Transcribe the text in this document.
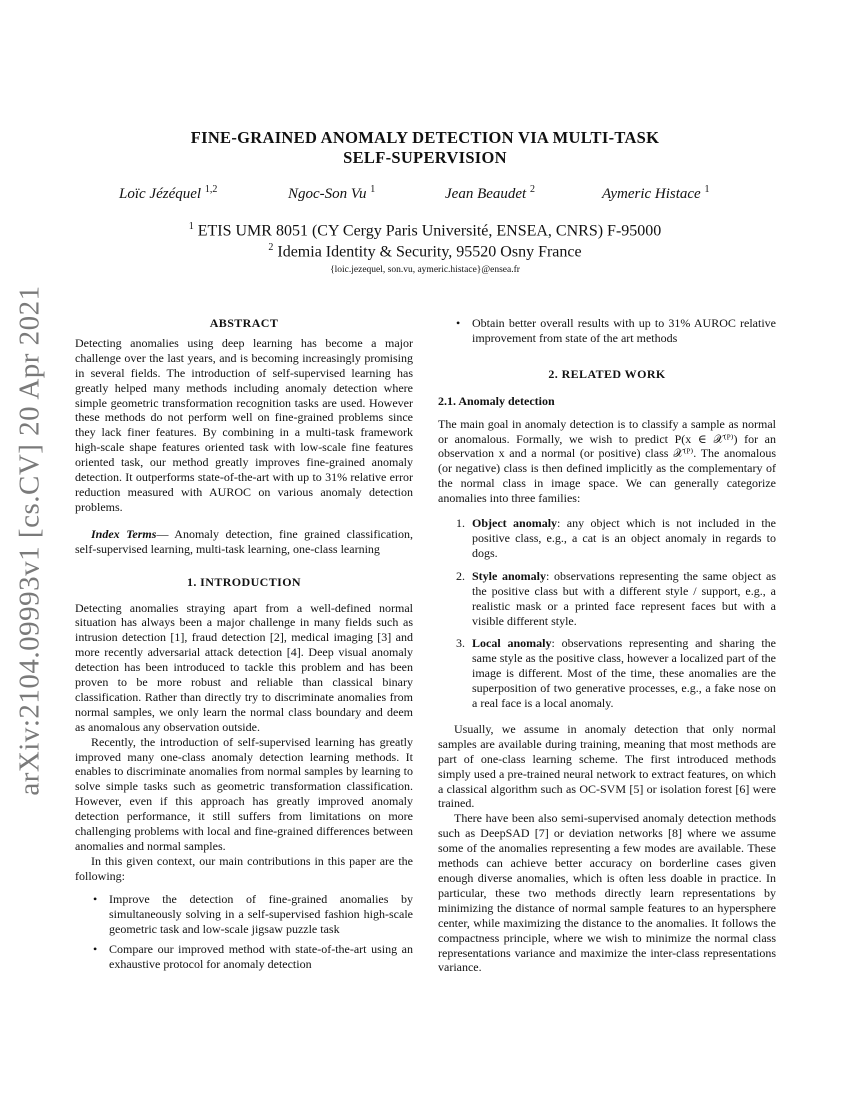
arXiv:2104.09993v1 [cs.CV] 20 Apr 2021
FINE-GRAINED ANOMALY DETECTION VIA MULTI-TASK
SELF-SUPERVISION
Loïc Jézéquel $^{1,2}$	Ngoc-Son Vu $^1$	Jean Beaudet $^2$	Aymeric Histace $^1$
$^1$ ETIS UMR 8051 (CY Cergy Paris Université, ENSEA, CNRS) F-95000
$^2$ Idemia Identity & Security, 95520 Osny France
{loic.jezequel, son.vu, aymeric.histace}@ensea.fr
ABSTRACT

Detecting anomalies using deep learning has become a major challenge over the last years, and is becoming increasingly promising in several fields. The introduction of self-supervised learning has greatly helped many methods including anomaly detection where simple geometric transformation recognition tasks are used. However these methods do not perform well on fine-grained problems since they lack finer features. By combining in a multi-task framework high-scale shape features oriented task with low-scale fine features oriented task, our method greatly improves fine-grained anomaly detection. It outperforms state-of-the-art with up to 31% relative error reduction measured with AUROC on various anomaly detection problems.

Index Terms— Anomaly detection, fine grained classification, self-supervised learning, multi-task learning, one-class learning

1. INTRODUCTION

Detecting anomalies straying apart from a well-defined normal situation has always been a major challenge in many fields such as intrusion detection [1], fraud detection [2], medical imaging [3] and more recently adversarial attack detection [4]. Deep visual anomaly detection has been introduced to tackle this problem and has been proven to be more robust and reliable than classical binary classification. Rather than directly try to discriminate anomalies from normal samples, we only learn the normal class boundary and deem as anomalous any observation outside.

Recently, the introduction of self-supervised learning has greatly improved many one-class anomaly detection learning methods. It enables to discriminate anomalies from normal samples by learning to solve simple tasks such as geometric transformation classification. However, even if this approach has greatly improved anomaly detection performance, it still suffers from limitations on more challenging problems with local and fine-grained differences between anomalies and normal samples.

In this given context, our main contributions in this paper are the following:

• Improve the detection of fine-grained anomalies by simultaneously solving in a self-supervised fashion high-scale geometric task and low-scale jigsaw puzzle task
• Compare our improved method with state-of-the-art using an exhaustive protocol for anomaly detection
• Obtain better overall results with up to 31% AUROC relative improvement from state of the art methods
2. RELATED WORK
2.1. Anomaly detection

The main goal in anomaly detection is to classify a sample as normal or anomalous. Formally, we wish to predict P(x ∈ 𝒳⁽ᴾ⁾) for an observation x and a normal (or positive) class 𝒳⁽ᴾ⁾. The anomalous (or negative) class is then defined implicitly as the complementary of the normal class in image space. We can generally categorize anomalies into three families:

1. Object anomaly: any object which is not included in the positive class, e.g., a cat is an object anomaly in regards to dogs.
2. Style anomaly: observations representing the same object as the positive class but with a different style / support, e.g., a realistic mask or a printed face represent faces but with a visible different style.
3. Local anomaly: observations representing and sharing the same style as the positive class, however a localized part of the image is different. Most of the time, these anomalies are the superposition of two generative processes, e.g., a fake nose on a real face is a local anomaly.

Usually, we assume in anomaly detection that only normal samples are available during training, meaning that most methods are part of one-class learning scheme. The first introduced methods simply used a pre-trained neural network to extract features, on which a classical algorithm such as OC-SVM [5] or isolation forest [6] were trained.

There have been also semi-supervised anomaly detection methods such as DeepSAD [7] or deviation networks [8] where we assume some of the anomalies representing a few modes are available. These methods can achieve better accuracy on borderline cases given enough diverse anomalies, which is often less doable in practice. In particular, these two methods directly learn representations by minimizing the distance of normal sample features to an hypersphere center, while maximizing the distance to the anomalies. It follows the compactness principle, where we wish to minimize the normal class representations variance and maximize the inter-class representations variance.
